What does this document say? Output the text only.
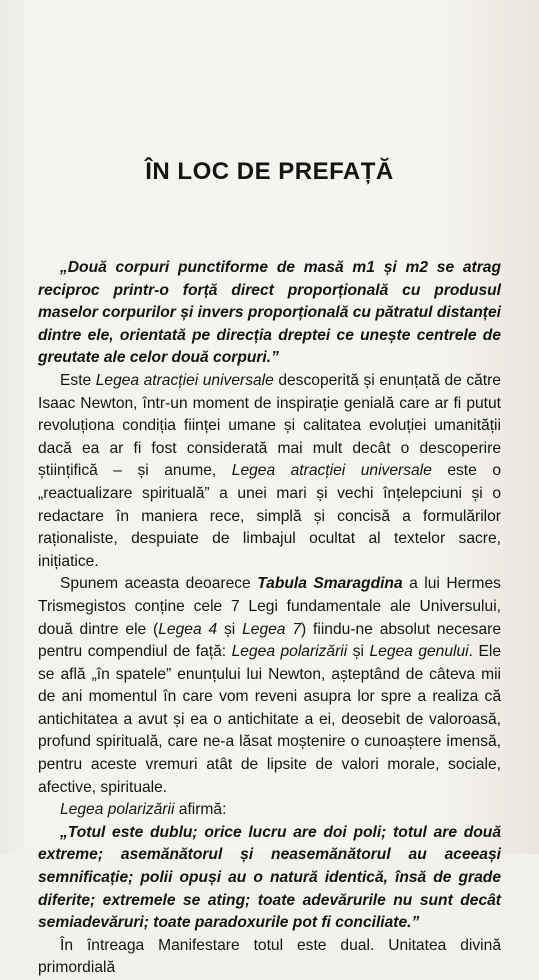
ÎN LOC DE PREFAȚĂ

„Două corpuri punctiforme de masă m1 și m2 se atrag reciproc printr-o forță direct proporțională cu produsul maselor corpurilor și invers proporțională cu pătratul distanței dintre ele, orientată pe direcția dreptei ce unește centrele de greutate ale celor două corpuri.”

Este Legea atracției universale descoperită și enunțată de către Isaac Newton, într-un moment de inspirație genială care ar fi putut revoluționa condiția ființei umane și calitatea evoluției umanității dacă ea ar fi fost considerată mai mult decât o descoperire științifică – și anume, Legea atracției universale este o „reactualizare spirituală” a unei mari și vechi înțelepciuni și o redactare în maniera rece, simplă și concisă a formulărilor raționaliste, despuiate de limbajul ocultat al textelor sacre, inițiatice.

Spunem aceasta deoarece Tabula Smaragdina a lui Hermes Trismegistos conține cele 7 Legi fundamentale ale Universului, două dintre ele (Legea 4 și Legea 7) fiindu-ne absolut necesare pentru compendiul de față: Legea polarizării și Legea genului. Ele se află „în spatele” enunțului lui Newton, așteptând de câteva mii de ani momentul în care vom reveni asupra lor spre a realiza că antichitatea a avut și ea o antichitate a ei, deosebit de valoroasă, profund spirituală, care ne-a lăsat moștenire o cunoaștere imensă, pentru aceste vremuri atât de lipsite de valori morale, sociale, afective, spirituale.

Legea polarizării afirmă:

„Totul este dublu; orice lucru are doi poli; totul are două extreme; asemănătorul și neasemănătorul au aceeași semnificație; polii opuși au o natură identică, însă de grade diferite; extremele se ating; toate adevărurile nu sunt decât semiadevăruri; toate paradoxurile pot fi conciliate.”

În întreaga Manifestare totul este dual. Unitatea divină primordială
